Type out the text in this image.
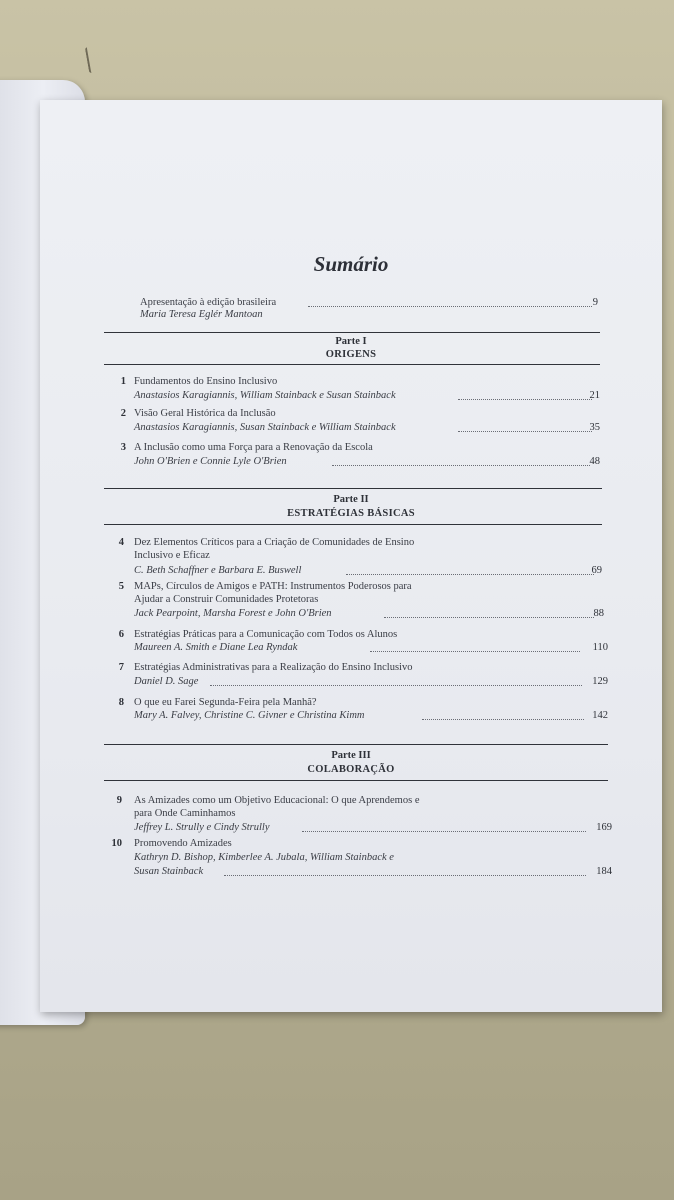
Sumário
Apresentação à edição brasileira	9
Maria Teresa Eglér Mantoan
Parte I
ORIGENS
1 Fundamentos do Ensino Inclusivo
Anastasios Karagiannis, William Stainback e Susan Stainback	21
2 Visão Geral Histórica da Inclusão
Anastasios Karagiannis, Susan Stainback e William Stainback	35
3 A Inclusão como uma Força para a Renovação da Escola
John O'Brien e Connie Lyle O'Brien	48
Parte II
ESTRATÉGIAS BÁSICAS
4 Dez Elementos Críticos para a Criação de Comunidades de Ensino
Inclusivo e Eficaz
C. Beth Schaffner e Barbara E. Buswell	69
5 MAPs, Círculos de Amigos e PATH: Instrumentos Poderosos para
Ajudar a Construir Comunidades Protetoras
Jack Pearpoint, Marsha Forest e John O'Brien	88
6 Estratégias Práticas para a Comunicação com Todos os Alunos
Maureen A. Smith e Diane Lea Ryndak	110
7 Estratégias Administrativas para a Realização do Ensino Inclusivo
Daniel D. Sage	129
8 O que eu Farei Segunda-Feira pela Manhã?
Mary A. Falvey, Christine C. Givner e Christina Kimm	142
Parte III
COLABORAÇÃO
9 As Amizades como um Objetivo Educacional: O que Aprendemos e
para Onde Caminhamos
Jeffrey L. Strully e Cindy Strully	169
10 Promovendo Amizades
Kathryn D. Bishop, Kimberlee A. Jubala, William Stainback e
Susan Stainback	184
